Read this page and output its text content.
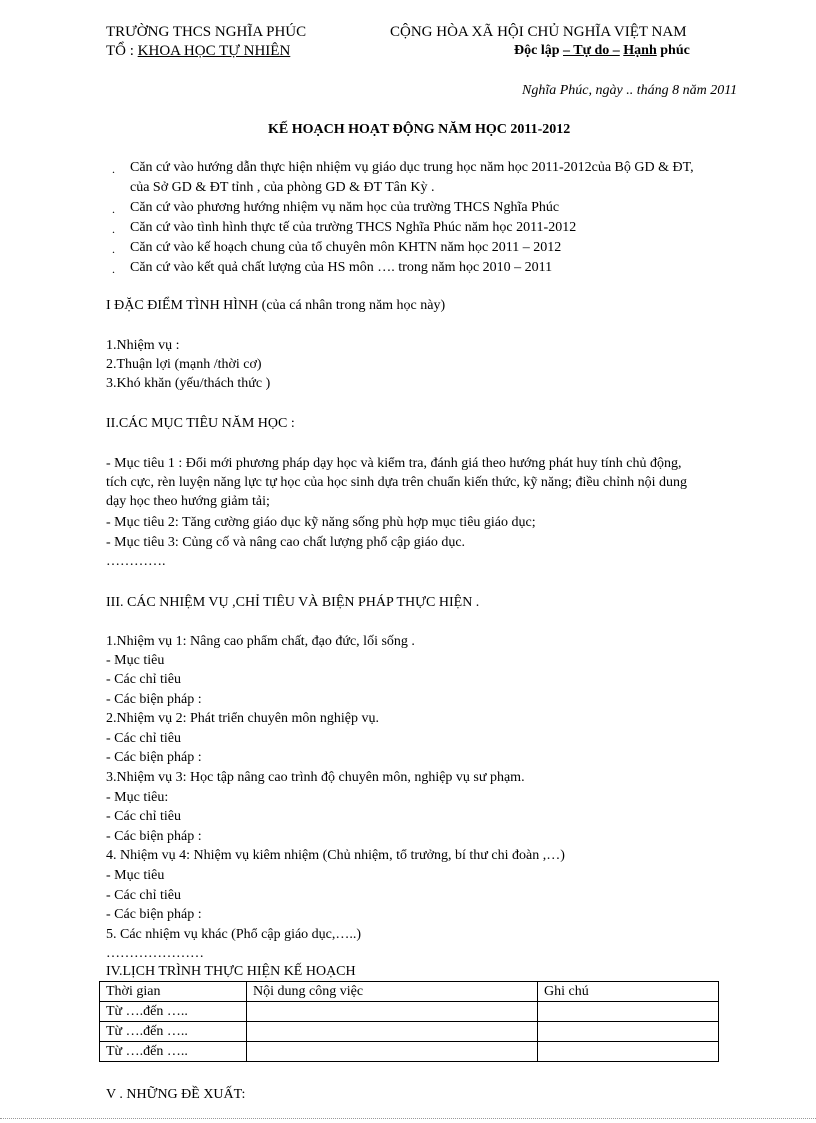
TRƯỜNG THCS NGHĨA PHÚC
TỔ : KHOA HỌC TỰ NHIÊN
CỘNG HÒA XÃ HỘI CHỦ NGHĨA VIỆT NAM
Độc lập – Tự do – Hạnh phúc
Nghĩa Phúc, ngày .. tháng 8 năm 2011
KẾ HOẠCH HOẠT ĐỘNG NĂM HỌC 2011-2012
. Căn cứ vào hướng dẫn thực hiện nhiệm vụ giáo dục trung học năm học 2011-2012của Bộ GD & ĐT,
của Sở GD & ĐT tỉnh , của phòng GD & ĐT Tân Kỳ .
. Căn cứ vào phương hướng nhiệm vụ năm học của trường THCS Nghĩa Phúc
. Căn cứ vào tình hình thực tế của trường THCS Nghĩa Phúc năm học 2011-2012
. Căn cứ vào kế hoạch chung của tổ chuyên môn KHTN năm học 2011 – 2012
. Căn cứ vào kết quả chất lượng của HS môn …. trong năm học 2010 – 2011
I ĐẶC ĐIỂM TÌNH HÌNH (của cá nhân trong năm học này)
1.Nhiệm vụ :
2.Thuận lợi (mạnh /thời cơ)
3.Khó khăn (yếu/thách thức )
II.CÁC MỤC TIÊU NĂM HỌC :
- Mục tiêu 1 : Đổi mới phương pháp dạy học và kiểm tra, đánh giá theo hướng phát huy tính chủ động,
tích cực, rèn luyện năng lực tự học của học sinh dựa trên chuẩn kiến thức, kỹ năng; điều chỉnh nội dung
dạy học theo hướng giảm tải;
- Mục tiêu 2: Tăng cường giáo dục kỹ năng sống phù hợp mục tiêu giáo dục;
- Mục tiêu 3: Củng cố và nâng cao chất lượng phổ cập giáo dục.
………….
III. CÁC NHIỆM VỤ ,CHỈ TIÊU VÀ BIỆN PHÁP THỰC HIỆN .
1.Nhiệm vụ 1: Nâng cao phẩm chất, đạo đức, lối sống .
- Mục tiêu
- Các chỉ tiêu
- Các biện pháp :
2.Nhiệm vụ 2: Phát triển chuyên môn nghiệp vụ.
- Các chỉ tiêu
- Các biện pháp :
3.Nhiệm vụ 3: Học tập nâng cao trình độ chuyên môn, nghiệp vụ sư phạm.
- Mục tiêu:
- Các chỉ tiêu
- Các biện pháp :
4. Nhiệm vụ 4: Nhiệm vụ kiêm nhiệm (Chủ nhiệm, tổ trưởng, bí thư chi đoàn ,…)
- Mục tiêu
- Các chỉ tiêu
- Các biện pháp :
5. Các nhiệm vụ khác (Phổ cập giáo dục,…..)
…………………
IV.LỊCH TRÌNH THỰC HIỆN KẾ HOẠCH
Thời gian	Nội dung công việc	Ghi chú
Từ ….đến …..		
Từ ….đến …..		
Từ ….đến …..		
V . NHỮNG ĐỀ XUẤT:
